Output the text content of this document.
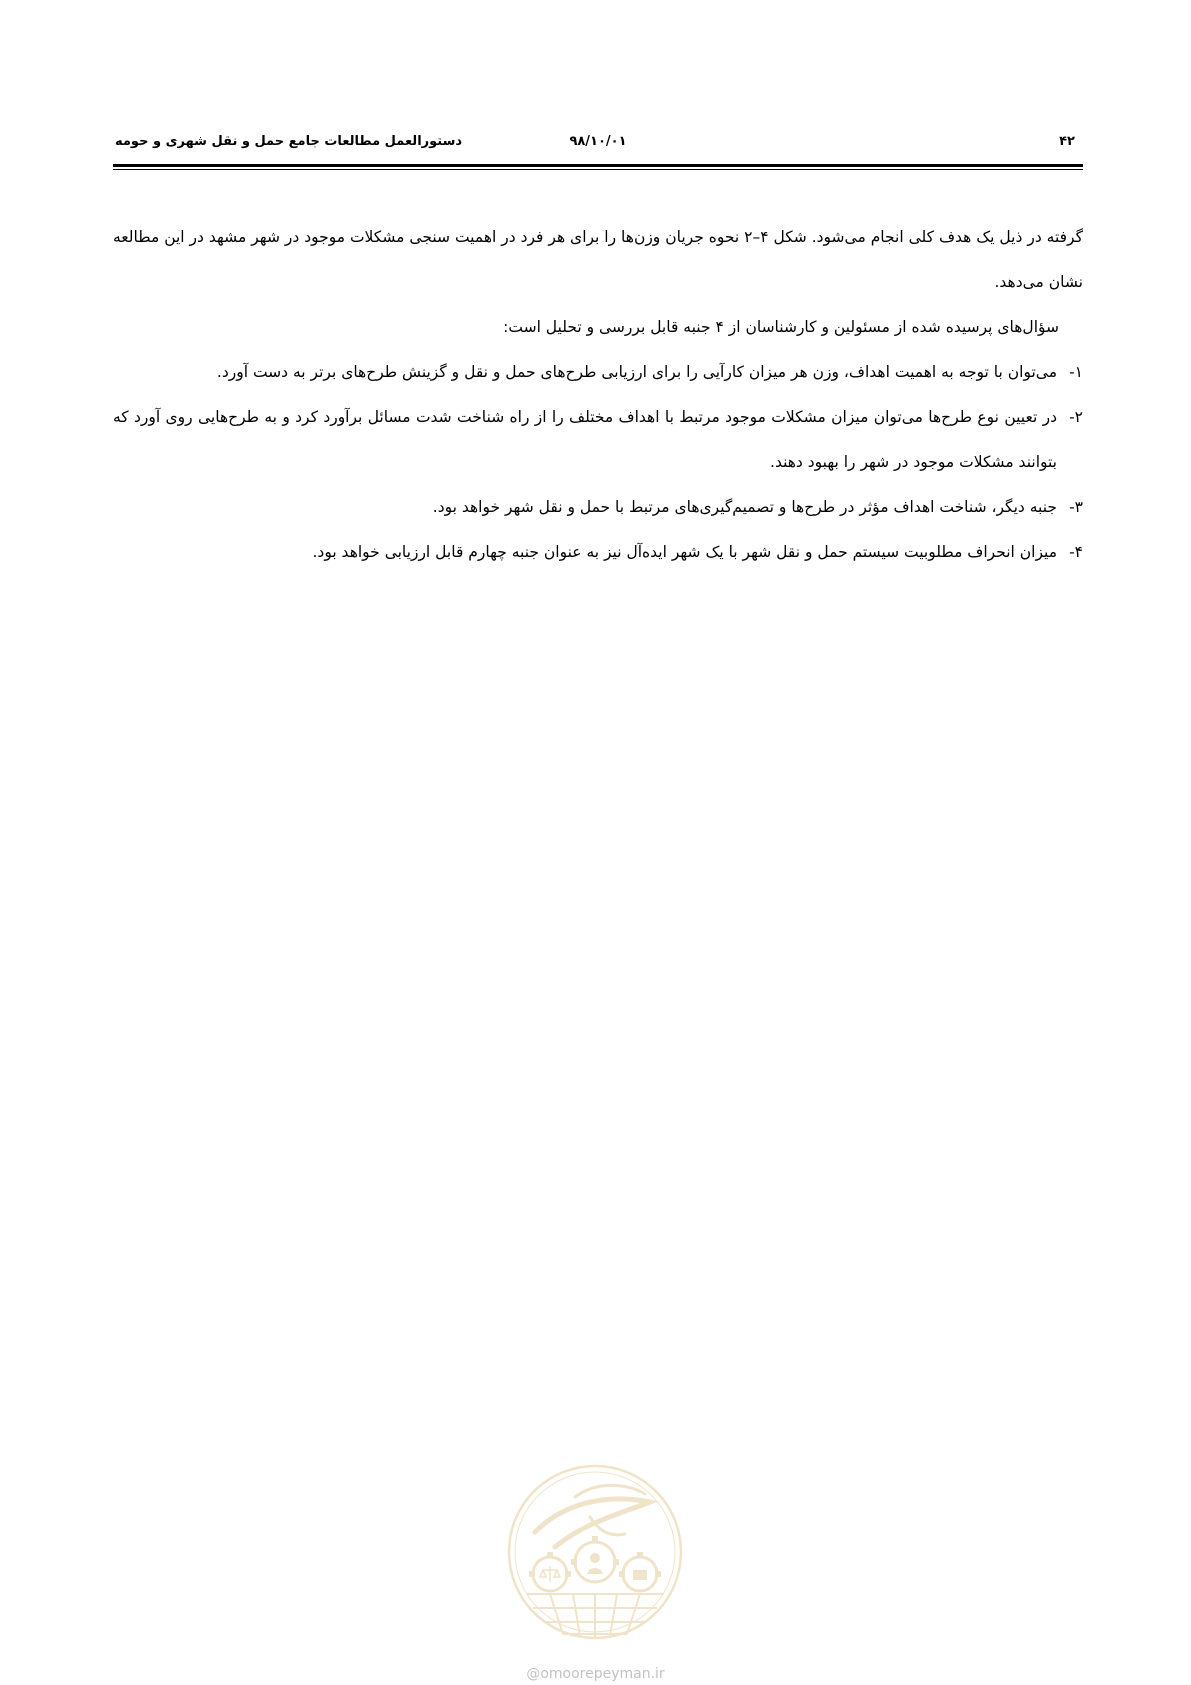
۴۲
۹۸/۱۰/۰۱
دستورالعمل مطالعات جامع حمل و نقل شهری و حومه

گرفته در ذیل یک هدف کلی انجام می‌شود. شکل ۴–۲ نحوه جریان وزن‌ها را برای هر فرد در اهمیت سنجی مشکلات موجود در شهر مشهد در این مطالعه نشان می‌دهد.

سؤال‌های پرسیده شده از مسئولین و کارشناسان از ۴ جنبه قابل بررسی و تحلیل است:

۱-
می‌توان با توجه به اهمیت اهداف، وزن هر میزان کارآیی را برای ارزیابی طرح‌های حمل و نقل و گزینش طرح‌های برتر به دست آورد.
۲-
در تعیین نوع طرح‌ها می‌توان میزان مشکلات موجود مرتبط با اهداف مختلف را از راه شناخت شدت مسائل برآورد کرد و به طرح‌هایی روی آورد که بتوانند مشکلات موجود در شهر را بهبود دهند.
۳-
جنبه دیگر، شناخت اهداف مؤثر در طرح‌ها و تصمیم‌گیری‌های مرتبط با حمل و نقل شهر خواهد بود.
۴-
میزان انحراف مطلوبیت سیستم حمل و نقل شهر با یک شهر ایده‌آل نیز به عنوان جنبه چهارم قابل ارزیابی خواهد بود.
@omoorepeyman.ir
